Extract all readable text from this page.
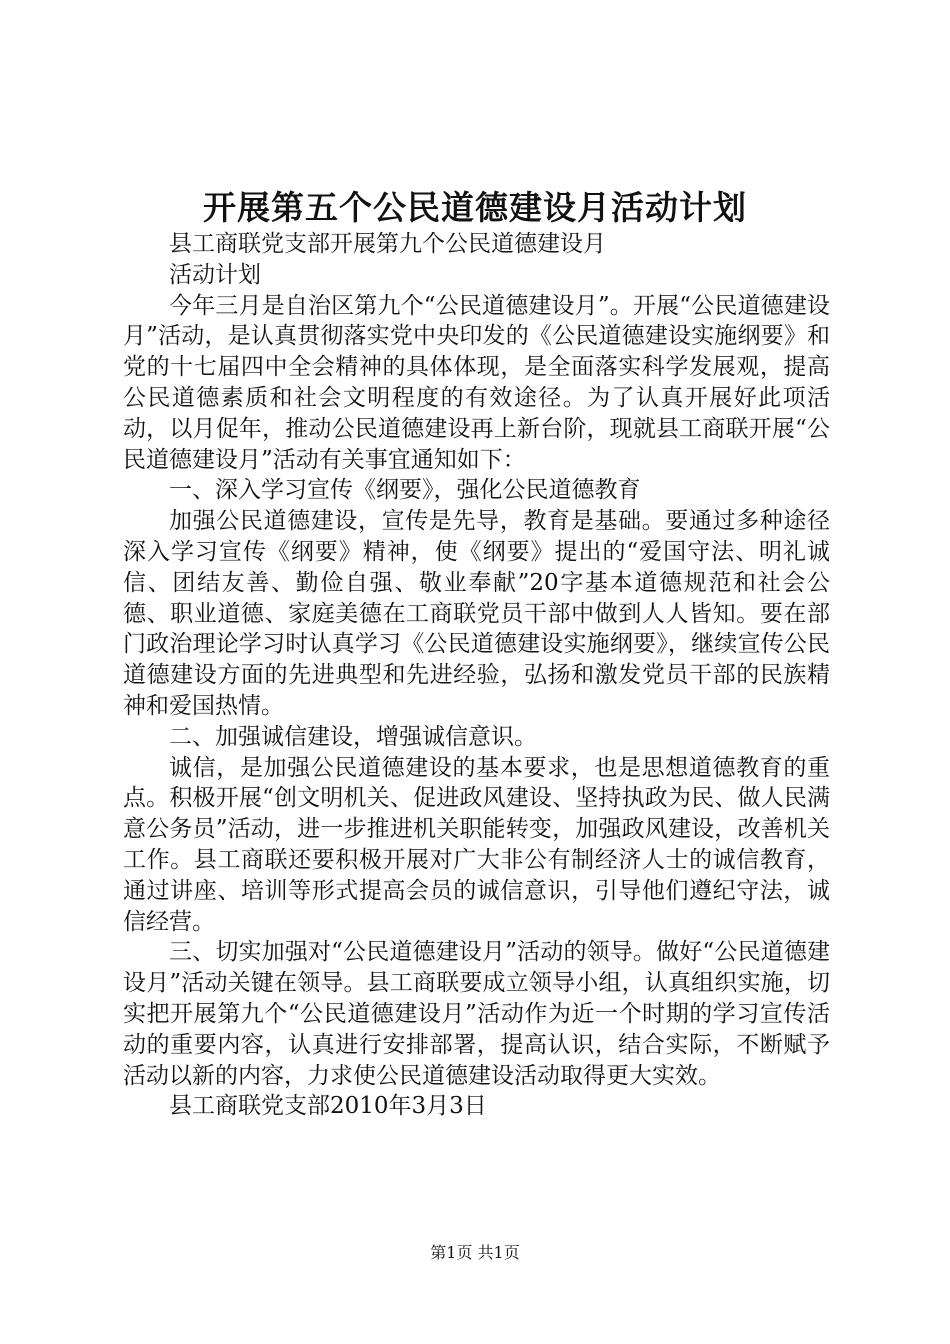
开展第五个公民道德建设月活动计划

县工商联党支部开展第九个公民道德建设月

活动计划

今年三月是自治区第九个“公民道德建设月”。开展“公民道德建设月”活动，是认真贯彻落实党中央印发的《公民道德建设实施纲要》和党的十七届四中全会精神的具体体现，是全面落实科学发展观，提高公民道德素质和社会文明程度的有效途径。为了认真开展好此项活动，以月促年，推动公民道德建设再上新台阶，现就县工商联开展“公民道德建设月”活动有关事宜通知如下：

一、深入学习宣传《纲要》，强化公民道德教育

加强公民道德建设，宣传是先导，教育是基础。要通过多种途径深入学习宣传《纲要》精神，使《纲要》提出的“爱国守法、明礼诚信、团结友善、勤俭自强、敬业奉献”20字基本道德规范和社会公德、职业道德、家庭美德在工商联党员干部中做到人人皆知。要在部门政治理论学习时认真学习《公民道德建设实施纲要》，继续宣传公民道德建设方面的先进典型和先进经验，弘扬和激发党员干部的民族精神和爱国热情。

二、加强诚信建设，增强诚信意识。

诚信，是加强公民道德建设的基本要求，也是思想道德教育的重点。积极开展“创文明机关、促进政风建设、坚持执政为民、做人民满意公务员”活动，进一步推进机关职能转变，加强政风建设，改善机关工作。县工商联还要积极开展对广大非公有制经济人士的诚信教育，通过讲座、培训等形式提高会员的诚信意识，引导他们遵纪守法，诚信经营。

三、切实加强对“公民道德建设月”活动的领导。做好“公民道德建设月”活动关键在领导。县工商联要成立领导小组，认真组织实施，切实把开展第九个“公民道德建设月”活动作为近一个时期的学习宣传活动的重要内容，认真进行安排部署，提高认识，结合实际，不断赋予活动以新的内容，力求使公民道德建设活动取得更大实效。

县工商联党支部2010年3月3日

第1页 共1页
